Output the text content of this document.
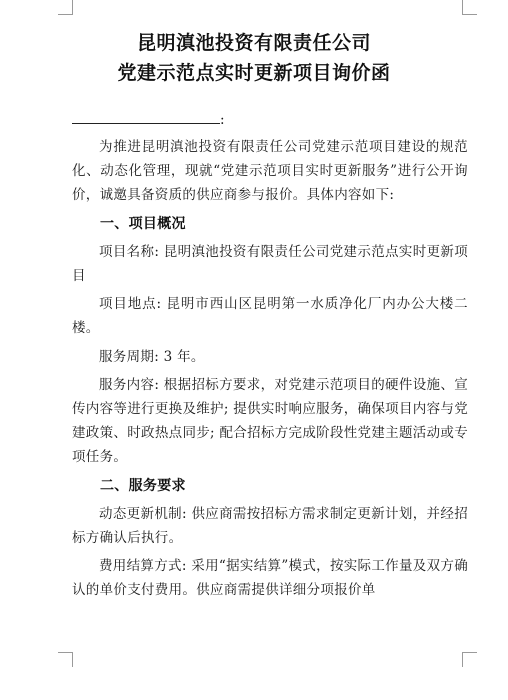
昆明滇池投资有限责任公司
党建示范点实时更新项目询价函

:

为推进昆明滇池投资有限责任公司党建示范项目建设的规范化、动态化管理，现就“党建示范项目实时更新服务”进行公开询价，诚邀具备资质的供应商参与报价。具体内容如下:

一、项目概况

项目名称: 昆明滇池投资有限责任公司党建示范点实时更新项目

项目地点: 昆明市西山区昆明第一水质净化厂内办公大楼二楼。

服务周期: 3 年。

服务内容: 根据招标方要求，对党建示范项目的硬件设施、宣传内容等进行更换及维护; 提供实时响应服务，确保项目内容与党建政策、时政热点同步; 配合招标方完成阶段性党建主题活动或专项任务。

二、服务要求

动态更新机制: 供应商需按招标方需求制定更新计划，并经招标方确认后执行。

费用结算方式: 采用“据实结算”模式，按实际工作量及双方确认的单价支付费用。供应商需提供详细分项报价单
